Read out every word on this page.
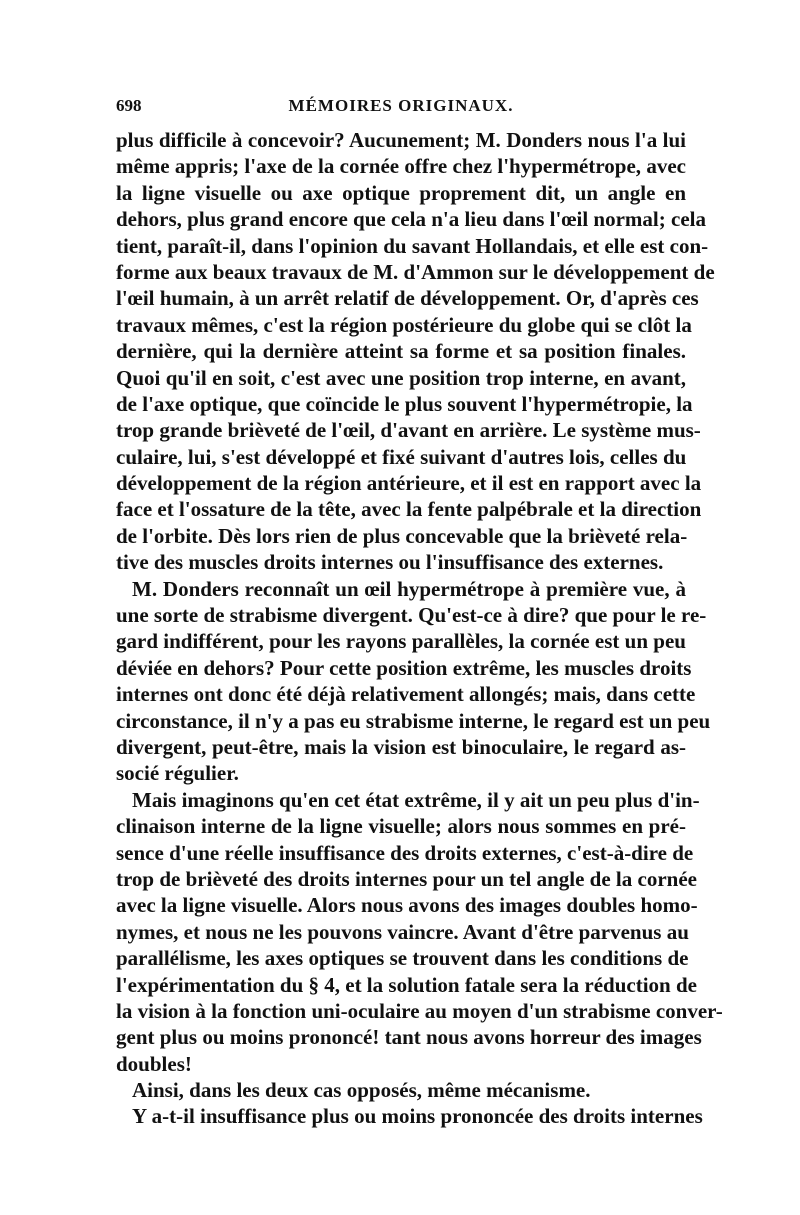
698	MÉMOIRES ORIGINAUX.
plus difficile à concevoir? Aucunement; M. Donders nous l'a lui
même appris; l'axe de la cornée offre chez l'hypermétrope, avec
la ligne visuelle ou axe optique proprement dit, un angle en
dehors, plus grand encore que cela n'a lieu dans l'œil normal; cela
tient, paraît-il, dans l'opinion du savant Hollandais, et elle est con-
forme aux beaux travaux de M. d'Ammon sur le développement de
l'œil humain, à un arrêt relatif de développement. Or, d'après ces
travaux mêmes, c'est la région postérieure du globe qui se clôt la
dernière, qui la dernière atteint sa forme et sa position finales.
Quoi qu'il en soit, c'est avec une position trop interne, en avant,
de l'axe optique, que coïncide le plus souvent l'hypermétropie, la
trop grande brièveté de l'œil, d'avant en arrière. Le système mus-
culaire, lui, s'est développé et fixé suivant d'autres lois, celles du
développement de la région antérieure, et il est en rapport avec la
face et l'ossature de la tête, avec la fente palpébrale et la direction
de l'orbite. Dès lors rien de plus concevable que la brièveté rela-
tive des muscles droits internes ou l'insuffisance des externes.
M. Donders reconnaît un œil hypermétrope à première vue, à
une sorte de strabisme divergent. Qu'est-ce à dire? que pour le re-
gard indifférent, pour les rayons parallèles, la cornée est un peu
déviée en dehors? Pour cette position extrême, les muscles droits
internes ont donc été déjà relativement allongés; mais, dans cette
circonstance, il n'y a pas eu strabisme interne, le regard est un peu
divergent, peut-être, mais la vision est binoculaire, le regard as-
socié régulier.
Mais imaginons qu'en cet état extrême, il y ait un peu plus d'in-
clinaison interne de la ligne visuelle; alors nous sommes en pré-
sence d'une réelle insuffisance des droits externes, c'est-à-dire de
trop de brièveté des droits internes pour un tel angle de la cornée
avec la ligne visuelle. Alors nous avons des images doubles homo-
nymes, et nous ne les pouvons vaincre. Avant d'être parvenus au
parallélisme, les axes optiques se trouvent dans les conditions de
l'expérimentation du § 4, et la solution fatale sera la réduction de
la vision à la fonction uni-oculaire au moyen d'un strabisme conver-
gent plus ou moins prononcé! tant nous avons horreur des images
doubles!
Ainsi, dans les deux cas opposés, même mécanisme.
Y a-t-il insuffisance plus ou moins prononcée des droits internes
